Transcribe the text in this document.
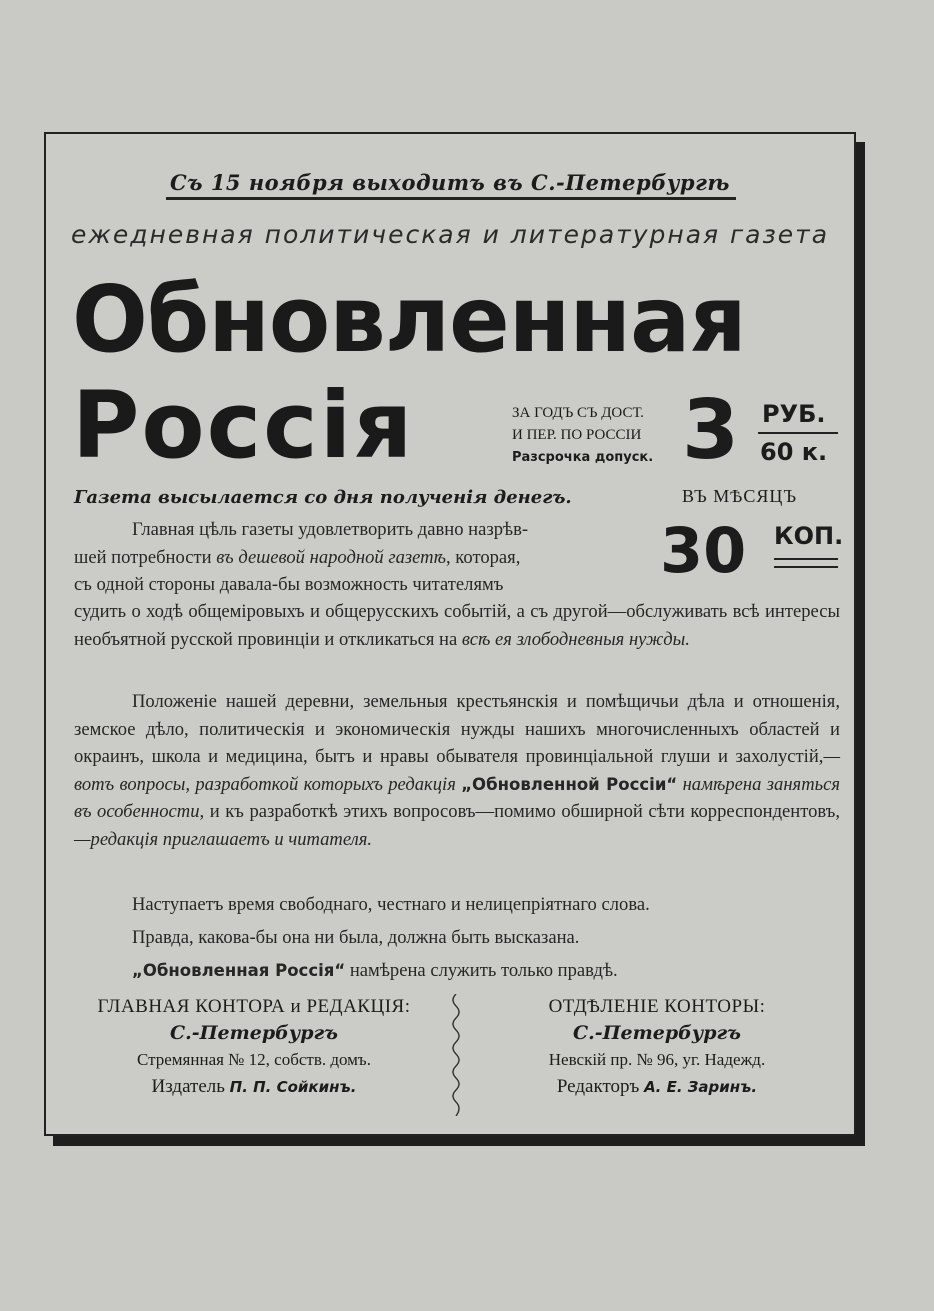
Съ 15 ноября выходитъ въ С.-Петербургѣ
ежедневная политическая и литературная газета
Обновленная
Россія	ЗА ГОДЪ СЪ ДОСТ.
И ПЕР. ПО РОССІИ
Разсрочка допуск. 3 РУБ.
60 к.
Газета высылается со дня полученія денегъ.	ВЪ МѢСЯЦЪ
30 КОП.

Главная цѣль газеты удовлетворить давно назрѣв-

шей потребности въ дешевой народной газетѣ, которая,

съ одной стороны давала-бы возможность читателямъ

судить о ходѣ общеміровыхъ и общерусскихъ событій, а съ другой—обслуживать всѣ интересы необъятной русской провинціи и откликаться на всѣ ея злободневныя нужды.

Положеніе нашей деревни, земельныя крестьянскія и помѣщичьи дѣла и отношенія, земское дѣло, политическія и экономическія нужды нашихъ многочисленныхъ областей и окраинъ, школа и медицина, бытъ и нравы обывателя провинціальной глуши и захолустій,—вотъ вопросы, разработкой которыхъ редакція „Обновленной Россіи“ намѣрена заняться въ особенности, и къ разработкѣ этихъ вопросовъ—помимо обширной сѣти корреспондентовъ,—редакція приглашаетъ и читателя.

Наступаетъ время свободнаго, честнаго и нелицепріятнаго слова.

Правда, какова-бы она ни была, должна быть высказана.

„Обновленная Россія“ намѣрена служить только правдѣ.

ГЛАВНАЯ КОНТОРА и РЕДАКЦІЯ:
С.-Петербургъ
Стремянная № 12, собств. домъ.
Издатель П. П. Сойкинъ.
ОТДѢЛЕНІЕ КОНТОРЫ:
С.-Петербургъ
Невскій пр. № 96, уг. Надежд.
Редакторъ А. Е. Заринъ.
